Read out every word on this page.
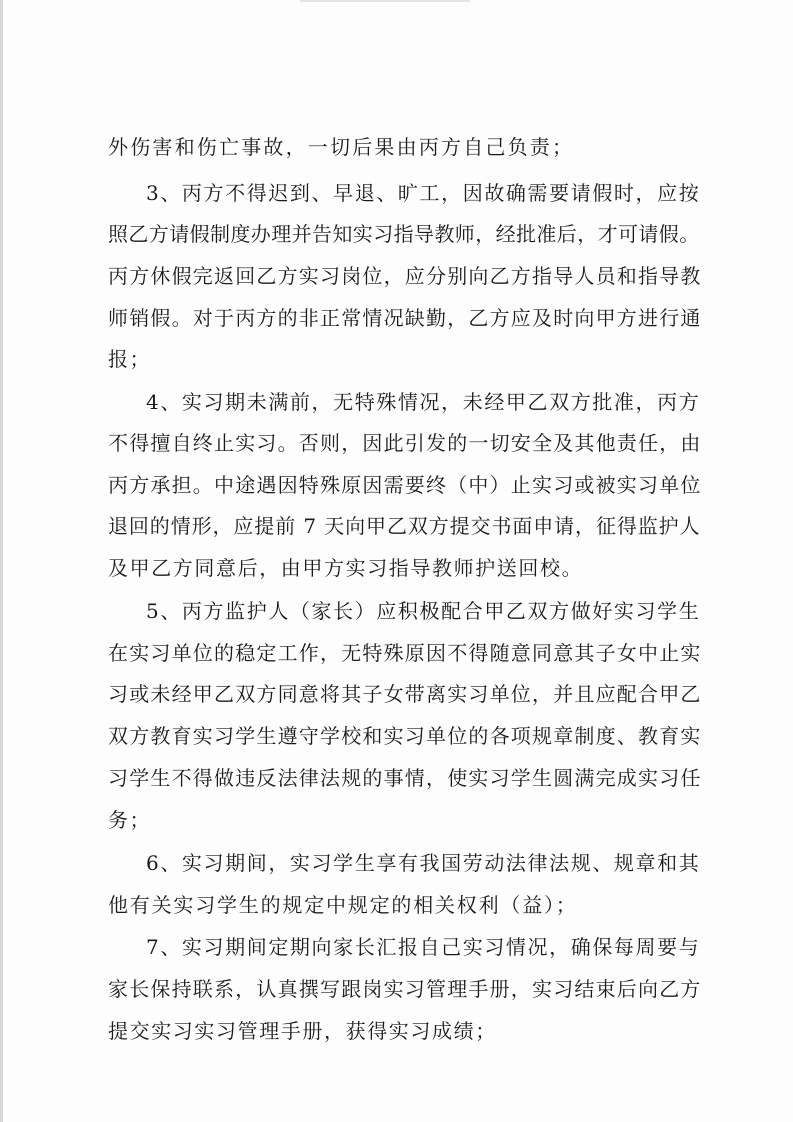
外伤害和伤亡事故，一切后果由丙方自己负责；
3、丙方不得迟到、早退、旷工，因故确需要请假时，应按
照乙方请假制度办理并告知实习指导教师，经批准后，才可请假。
丙方休假完返回乙方实习岗位，应分别向乙方指导人员和指导教
师销假。对于丙方的非正常情况缺勤，乙方应及时向甲方进行通
报；
4、实习期未满前，无特殊情况，未经甲乙双方批准，丙方
不得擅自终止实习。否则，因此引发的一切安全及其他责任，由
丙方承担。中途遇因特殊原因需要终（中）止实习或被实习单位
退回的情形，应提前 7 天向甲乙双方提交书面申请，征得监护人
及甲乙方同意后，由甲方实习指导教师护送回校。
5、丙方监护人（家长）应积极配合甲乙双方做好实习学生
在实习单位的稳定工作，无特殊原因不得随意同意其子女中止实
习或未经甲乙双方同意将其子女带离实习单位，并且应配合甲乙
双方教育实习学生遵守学校和实习单位的各项规章制度、教育实
习学生不得做违反法律法规的事情，使实习学生圆满完成实习任
务；
6、实习期间，实习学生享有我国劳动法律法规、规章和其
他有关实习学生的规定中规定的相关权利（益）；
7、实习期间定期向家长汇报自己实习情况，确保每周要与
家长保持联系，认真撰写跟岗实习管理手册，实习结束后向乙方
提交实习实习管理手册，获得实习成绩；
